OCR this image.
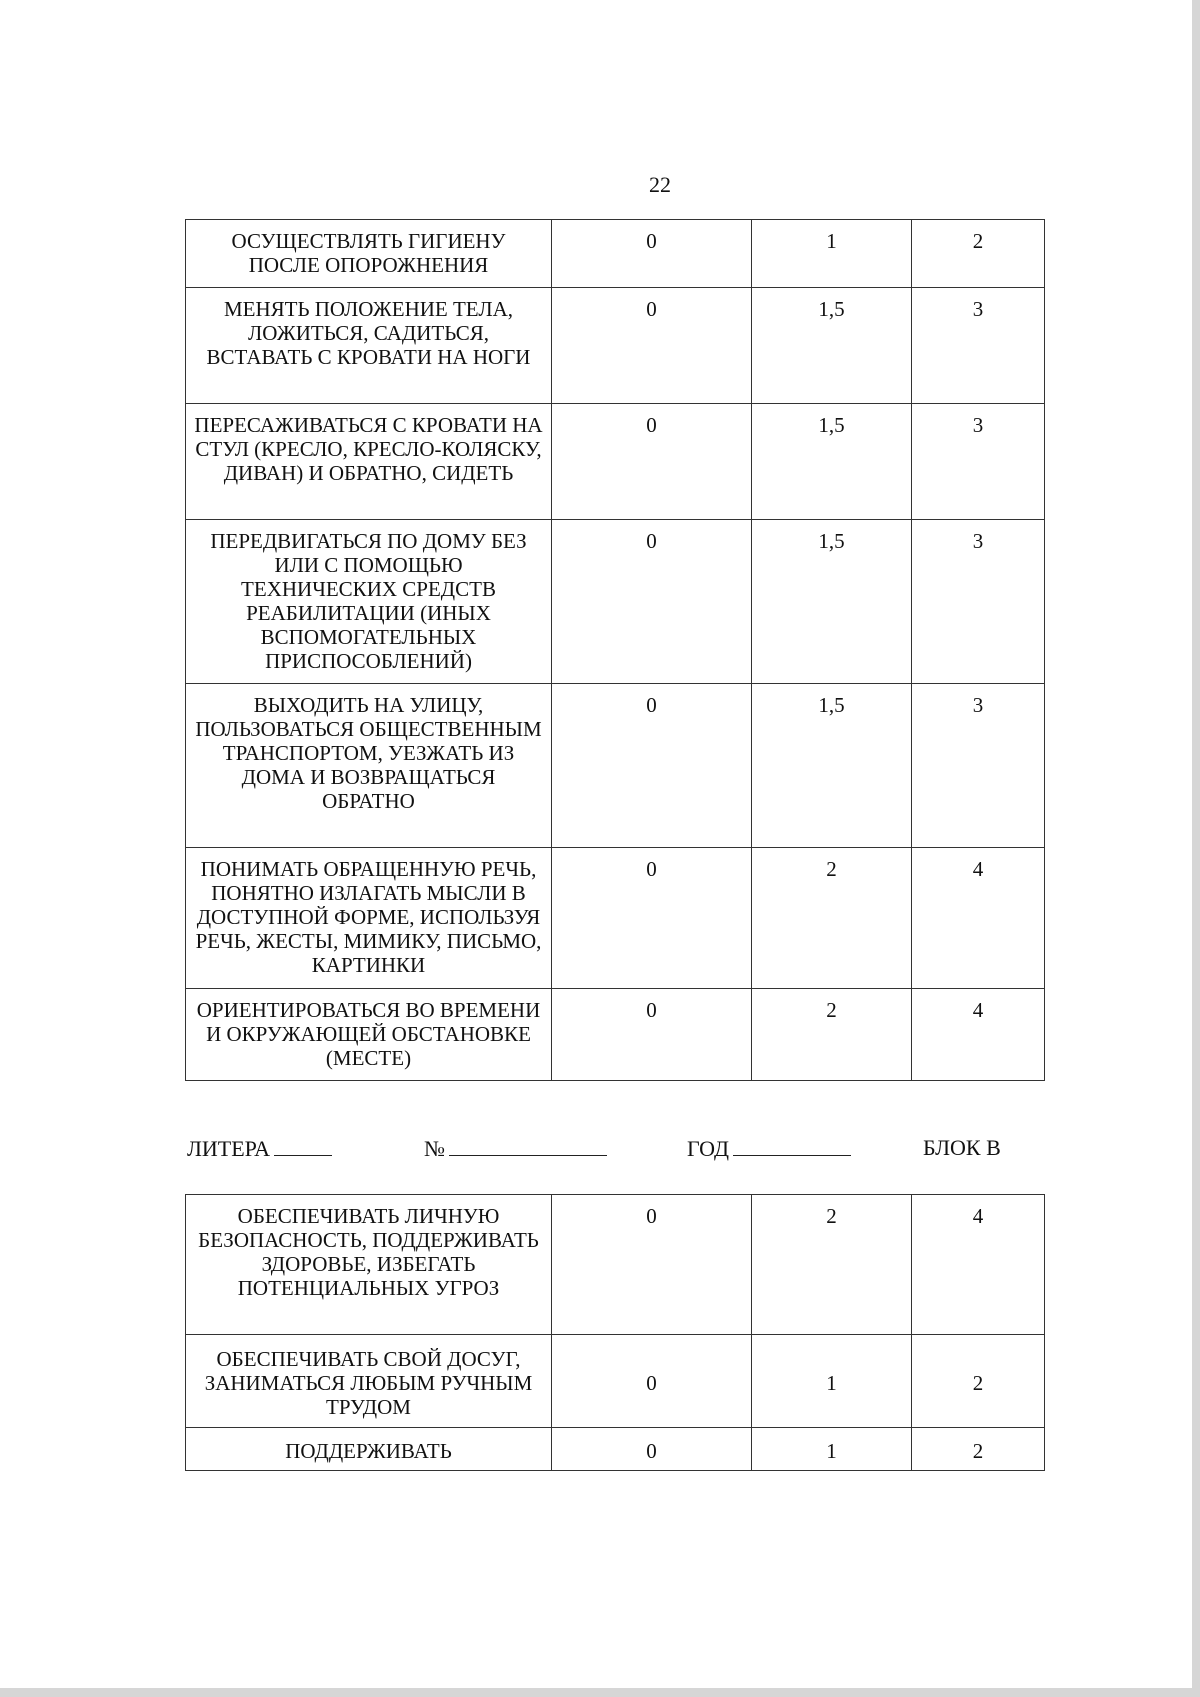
22
ОСУЩЕСТВЛЯТЬ ГИГИЕНУ ПОСЛЕ ОПОРОЖНЕНИЯ	0	1	2
МЕНЯТЬ ПОЛОЖЕНИЕ ТЕЛА, ЛОЖИТЬСЯ, САДИТЬСЯ, ВСТАВАТЬ С КРОВАТИ НА НОГИ	0	1,5	3
ПЕРЕСАЖИВАТЬСЯ С КРОВАТИ НА СТУЛ (КРЕСЛО, КРЕСЛО-КОЛЯСКУ, ДИВАН) И ОБРАТНО, СИДЕТЬ	0	1,5	3
ПЕРЕДВИГАТЬСЯ ПО ДОМУ БЕЗ ИЛИ С ПОМОЩЬЮ ТЕХНИЧЕСКИХ СРЕДСТВ РЕАБИЛИТАЦИИ (ИНЫХ ВСПОМОГАТЕЛЬНЫХ ПРИСПОСОБЛЕНИЙ)	0	1,5	3
ВЫХОДИТЬ НА УЛИЦУ, ПОЛЬЗОВАТЬСЯ ОБЩЕСТВЕННЫМ ТРАНСПОРТОМ, УЕЗЖАТЬ ИЗ ДОМА И ВОЗВРАЩАТЬСЯ ОБРАТНО	0	1,5	3
ПОНИМАТЬ ОБРАЩЕННУЮ РЕЧЬ, ПОНЯТНО ИЗЛАГАТЬ МЫСЛИ В ДОСТУПНОЙ ФОРМЕ, ИСПОЛЬЗУЯ РЕЧЬ, ЖЕСТЫ, МИМИКУ, ПИСЬМО, КАРТИНКИ	0	2	4
ОРИЕНТИРОВАТЬСЯ ВО ВРЕМЕНИ И ОКРУЖАЮЩЕЙ ОБСТАНОВКЕ (МЕСТЕ)	0	2	4
ЛИТЕРА	№	ГОД	БЛОК В
ОБЕСПЕЧИВАТЬ ЛИЧНУЮ БЕЗОПАСНОСТЬ, ПОДДЕРЖИВАТЬ ЗДОРОВЬЕ, ИЗБЕГАТЬ ПОТЕНЦИАЛЬНЫХ УГРОЗ	0	2	4
ОБЕСПЕЧИВАТЬ СВОЙ ДОСУГ, ЗАНИМАТЬСЯ ЛЮБЫМ РУЧНЫМ ТРУДОМ	0	1	2
ПОДДЕРЖИВАТЬ	0	1	2
